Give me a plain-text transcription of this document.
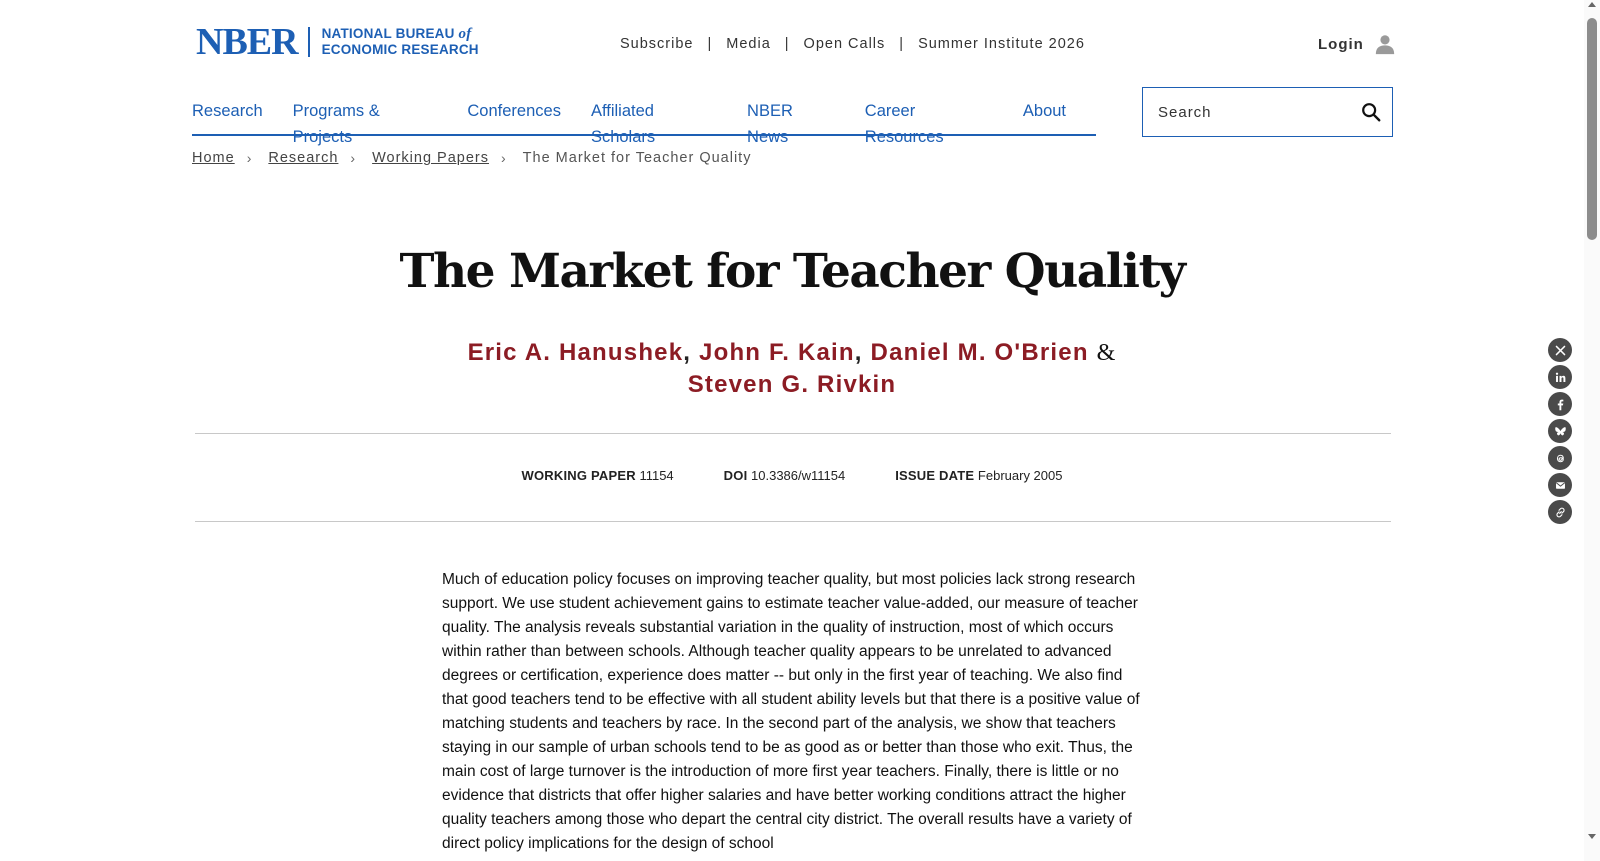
NBER NATIONAL BUREAU of
ECONOMIC RESEARCH	Subscribe | Media | Open Calls | Summer Institute 2026	Login
Research Programs & Projects
Conferences Affiliated Scholars
NBER News
Career Resources
About
Search
Home › Research › Working Papers › The Market for Teacher Quality
The Market for Teacher Quality
Eric A. Hanushek, John F. Kain, Daniel M. O'Brien &
Steven G. Rivkin
WORKING PAPER 11154	DOI 10.3386/w11154	ISSUE DATE February 2005

Much of education policy focuses on improving teacher quality, but most policies lack strong research support. We use student achievement gains to estimate teacher value-added, our measure of teacher quality. The analysis reveals substantial variation in the quality of instruction, most of which occurs within rather than between schools. Although teacher quality appears to be unrelated to advanced degrees or certification, experience does matter -- but only in the first year of teaching. We also find that good teachers tend to be effective with all student ability levels but that there is a positive value of matching students and teachers by race. In the second part of the analysis, we show that teachers staying in our sample of urban schools tend to be as good as or better than those who exit. Thus, the main cost of large turnover is the introduction of more first year teachers. Finally, there is little or no evidence that districts that offer higher salaries and have better working conditions attract the higher quality teachers among those who depart the central city district. The overall results have a variety of direct policy implications for the design of school
